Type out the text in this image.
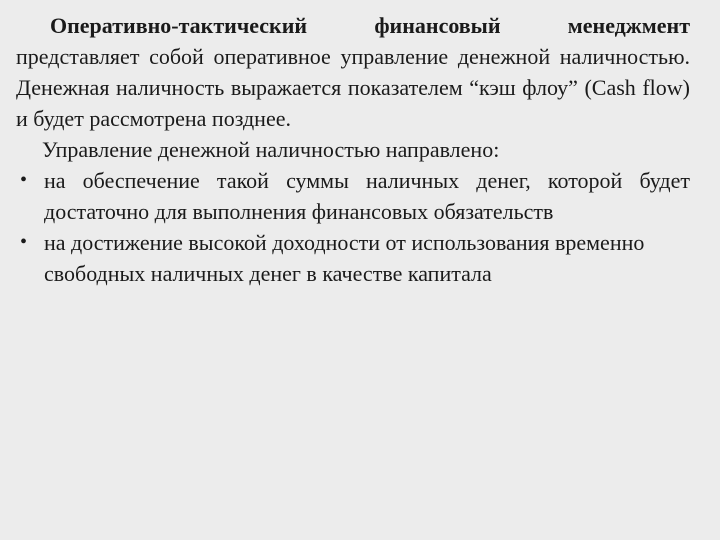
Оперативно-тактический финансовый менеджмент представляет собой оперативное управление денежной наличностью. Денежная наличность выражается показателем “кэш флоу” (Cash flow) и будет рассмотрена позднее.

Управление денежной наличностью направлено:

• на обеспечение такой суммы наличных денег, которой будет достаточно для выполнения финансовых обязательств
• на достижение высокой доходности от использования временно свободных наличных денег в качестве капитала
